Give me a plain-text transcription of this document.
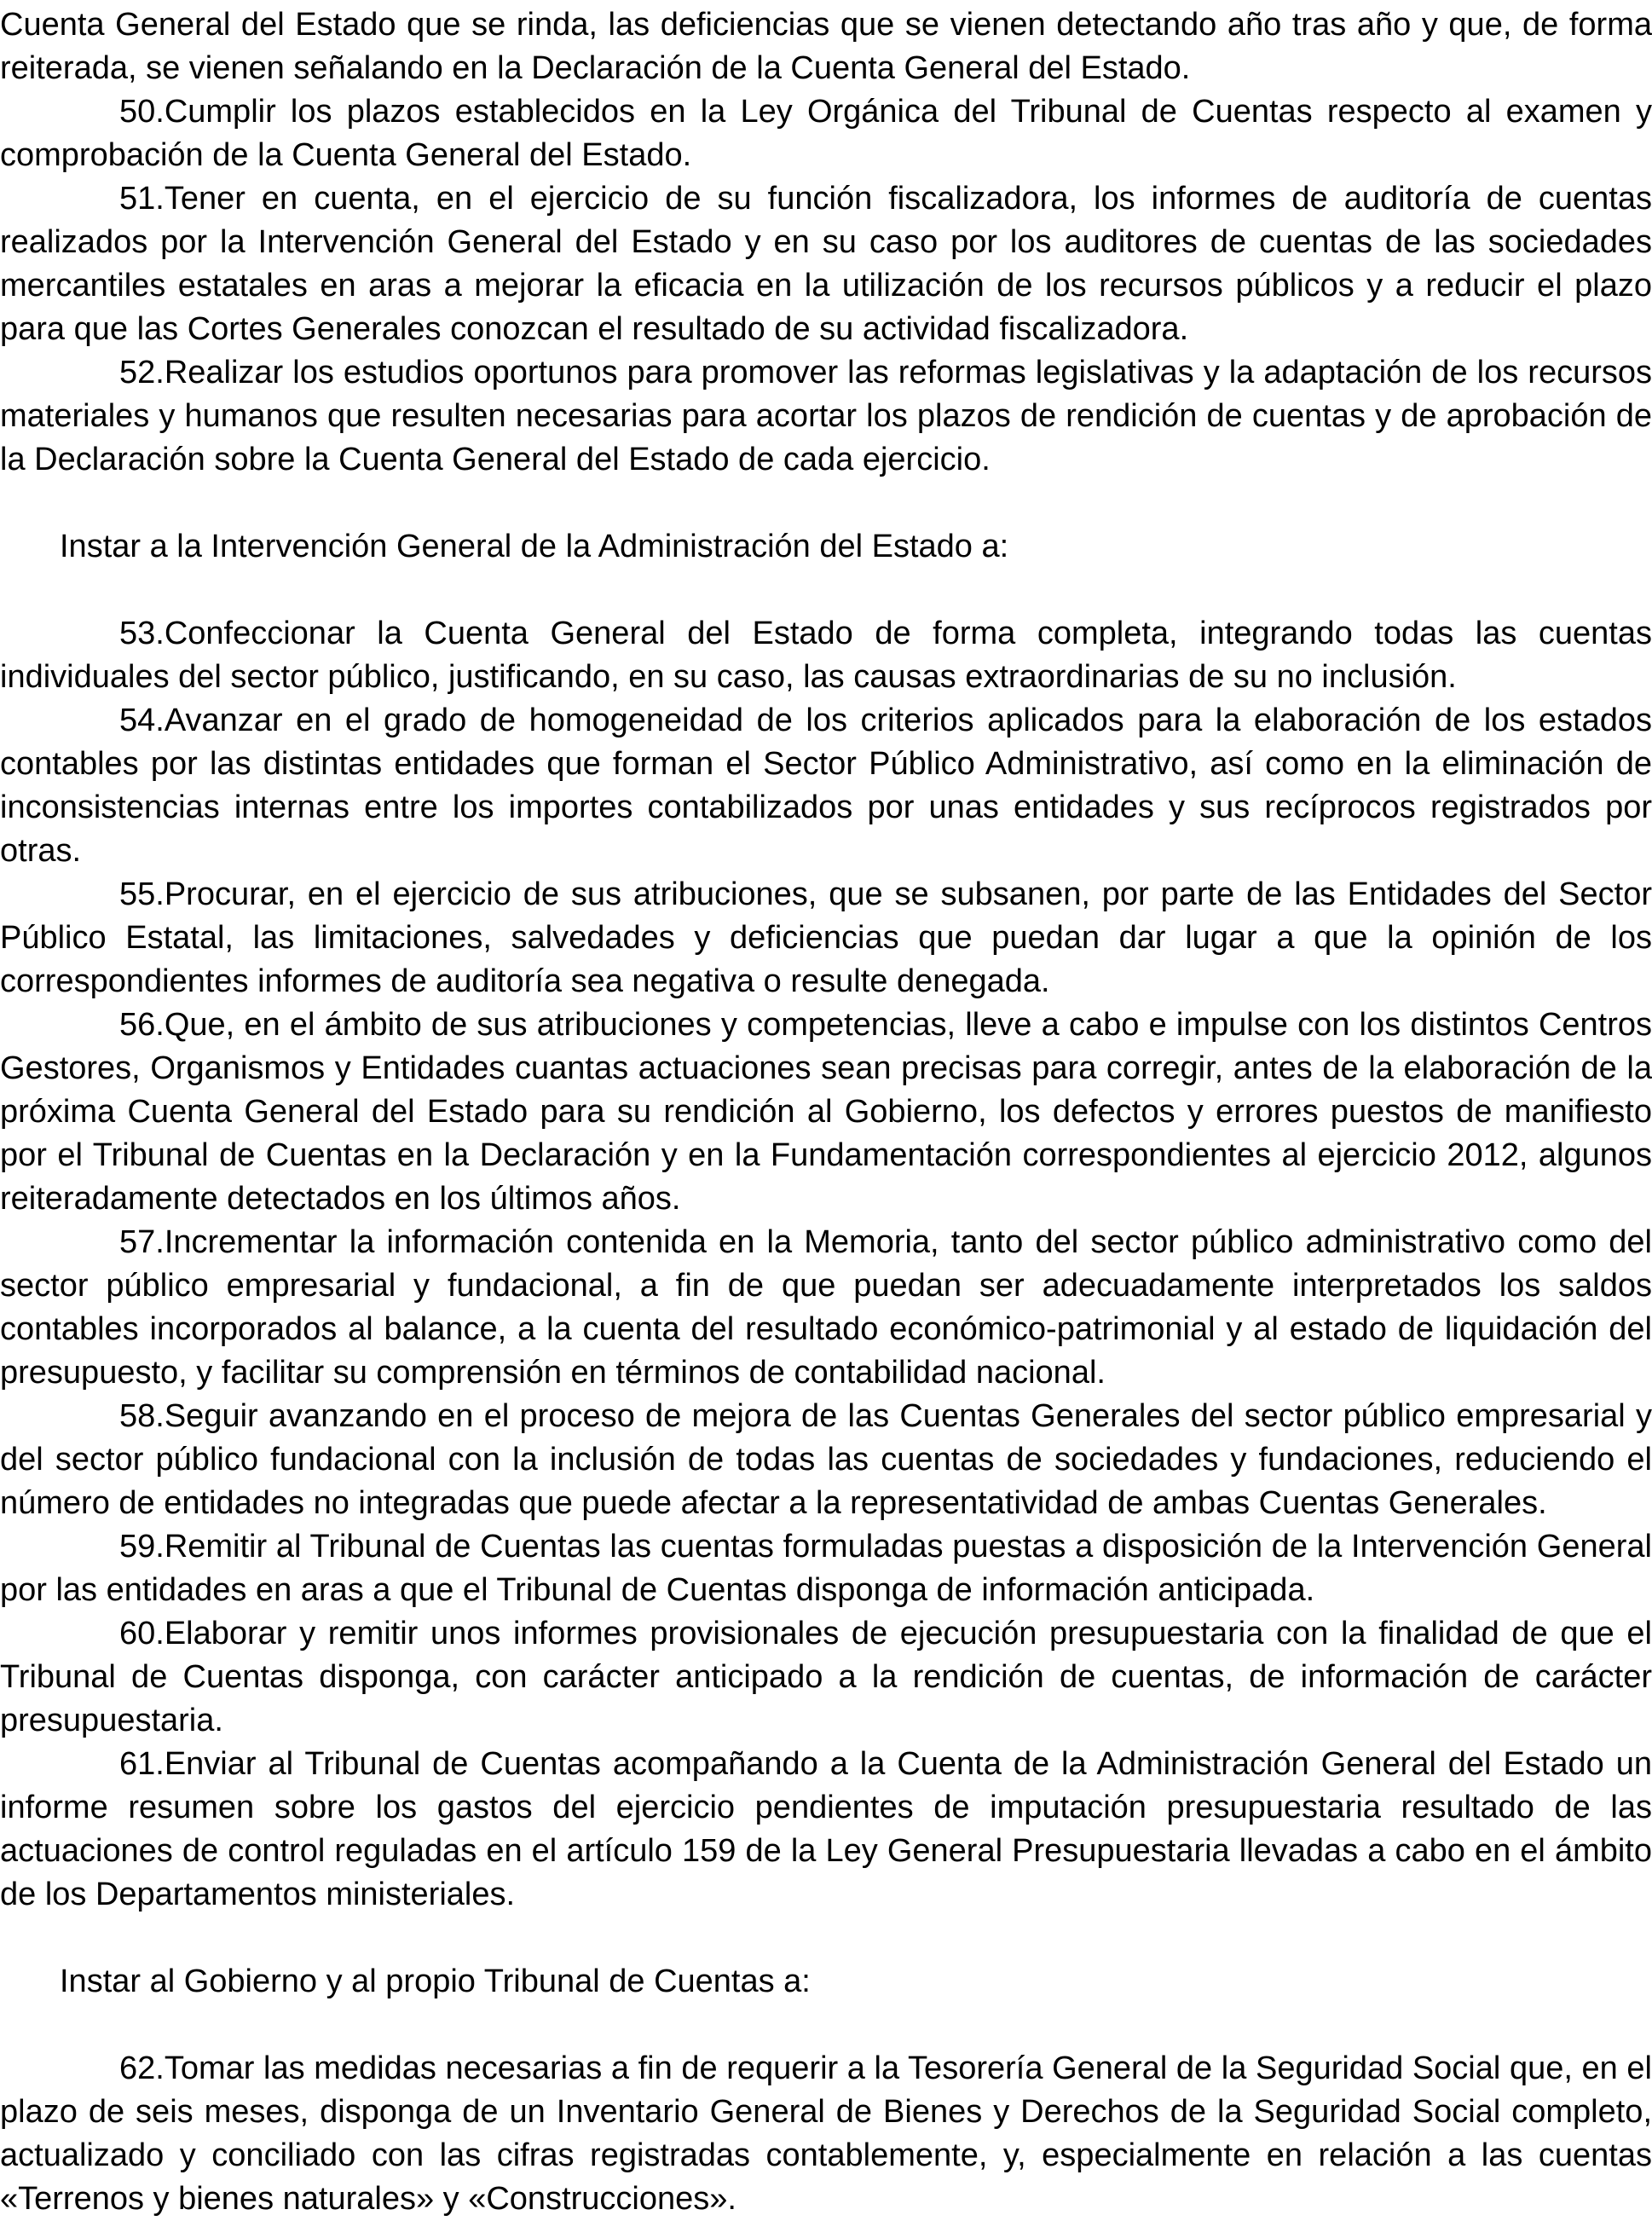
Cuenta General del Estado que se rinda, las deficiencias que se vienen detectando año tras año y que, de forma reiterada, se vienen señalando en la Declaración de la Cuenta General del Estado.

50.Cumplir los plazos establecidos en la Ley Orgánica del Tribunal de Cuentas respecto al examen y comprobación de la Cuenta General del Estado.

51.Tener en cuenta, en el ejercicio de su función fiscalizadora, los informes de auditoría de cuentas realizados por la Intervención General del Estado y en su caso por los auditores de cuentas de las sociedades mercantiles estatales en aras a mejorar la eficacia en la utilización de los recursos públicos y a reducir el plazo para que las Cortes Generales conozcan el resultado de su actividad fiscalizadora.

52.Realizar los estudios oportunos para promover las reformas legislativas y la adaptación de los recursos materiales y humanos que resulten necesarias para acortar los plazos de rendición de cuentas y de aprobación de la Declaración sobre la Cuenta General del Estado de cada ejercicio.

Instar a la Intervención General de la Administración del Estado a:

53.Confeccionar la Cuenta General del Estado de forma completa, integrando todas las cuentas individuales del sector público, justificando, en su caso, las causas extraordinarias de su no inclusión.

54.Avanzar en el grado de homogeneidad de los criterios aplicados para la elaboración de los estados contables por las distintas entidades que forman el Sector Público Administrativo, así como en la eliminación de inconsistencias internas entre los importes contabilizados por unas entidades y sus recíprocos registrados por otras.

55.Procurar, en el ejercicio de sus atribuciones, que se subsanen, por parte de las Entidades del Sector Público Estatal, las limitaciones, salvedades y deficiencias que puedan dar lugar a que la opinión de los correspondientes informes de auditoría sea negativa o resulte denegada.

56.Que, en el ámbito de sus atribuciones y competencias, lleve a cabo e impulse con los distintos Centros Gestores, Organismos y Entidades cuantas actuaciones sean precisas para corregir, antes de la elaboración de la próxima Cuenta General del Estado para su rendición al Gobierno, los defectos y errores puestos de manifiesto por el Tribunal de Cuentas en la Declaración y en la Fundamentación correspondientes al ejercicio 2012, algunos reiteradamente detectados en los últimos años.

57.Incrementar la información contenida en la Memoria, tanto del sector público administrativo como del sector público empresarial y fundacional, a fin de que puedan ser adecuadamente interpretados los saldos contables incorporados al balance, a la cuenta del resultado económico-patrimonial y al estado de liquidación del presupuesto, y facilitar su comprensión en términos de contabilidad nacional.

58.Seguir avanzando en el proceso de mejora de las Cuentas Generales del sector público empresarial y del sector público fundacional con la inclusión de todas las cuentas de sociedades y fundaciones, reduciendo el número de entidades no integradas que puede afectar a la representatividad de ambas Cuentas Generales.

59.Remitir al Tribunal de Cuentas las cuentas formuladas puestas a disposición de la Intervención General por las entidades en aras a que el Tribunal de Cuentas disponga de información anticipada.

60.Elaborar y remitir unos informes provisionales de ejecución presupuestaria con la finalidad de que el Tribunal de Cuentas disponga, con carácter anticipado a la rendición de cuentas, de información de carácter presupuestaria.

61.Enviar al Tribunal de Cuentas acompañando a la Cuenta de la Administración General del Estado un informe resumen sobre los gastos del ejercicio pendientes de imputación presupuestaria resultado de las actuaciones de control reguladas en el artículo 159 de la Ley General Presupuestaria llevadas a cabo en el ámbito de los Departamentos ministeriales.

Instar al Gobierno y al propio Tribunal de Cuentas a:

62.Tomar las medidas necesarias a fin de requerir a la Tesorería General de la Seguridad Social que, en el plazo de seis meses, disponga de un Inventario General de Bienes y Derechos de la Seguridad Social completo, actualizado y conciliado con las cifras registradas contablemente, y, especialmente en relación a las cuentas «Terrenos y bienes naturales» y «Construcciones».
